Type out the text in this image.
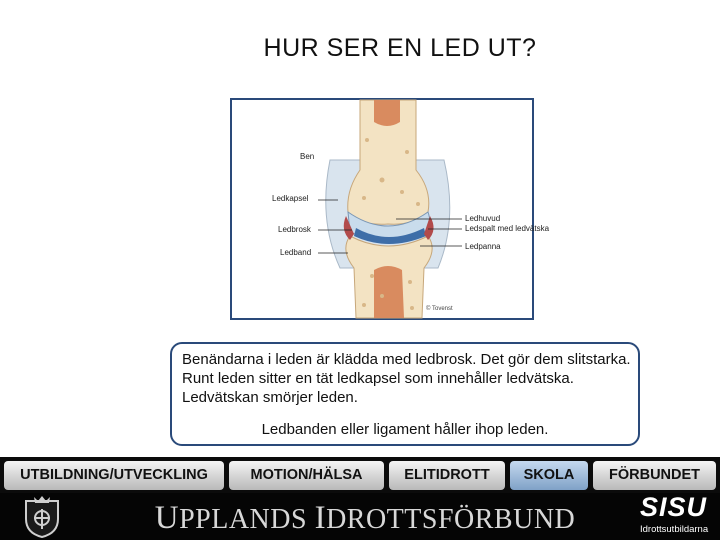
HUR SER EN LED UT?
Ben
Ledkapsel
Ledbrosk
Ledband
Ledhuvud
Ledspalt med ledvätska
Ledpanna
© Tovenst
Benändarna i leden är klädda med ledbrosk. Det gör dem slitstarka. Runt leden sitter en tät ledkapsel som innehåller ledvätska. Ledvätskan smörjer leden.
Ledbanden eller ligament håller ihop leden.
UTBILDNING/UTVECKLING	MOTION/HÄLSA	ELITIDROTT	SKOLA	FÖRBUNDET
UPPLANDS IDROTTSFÖRBUND SISU
Idrottsutbildarna
